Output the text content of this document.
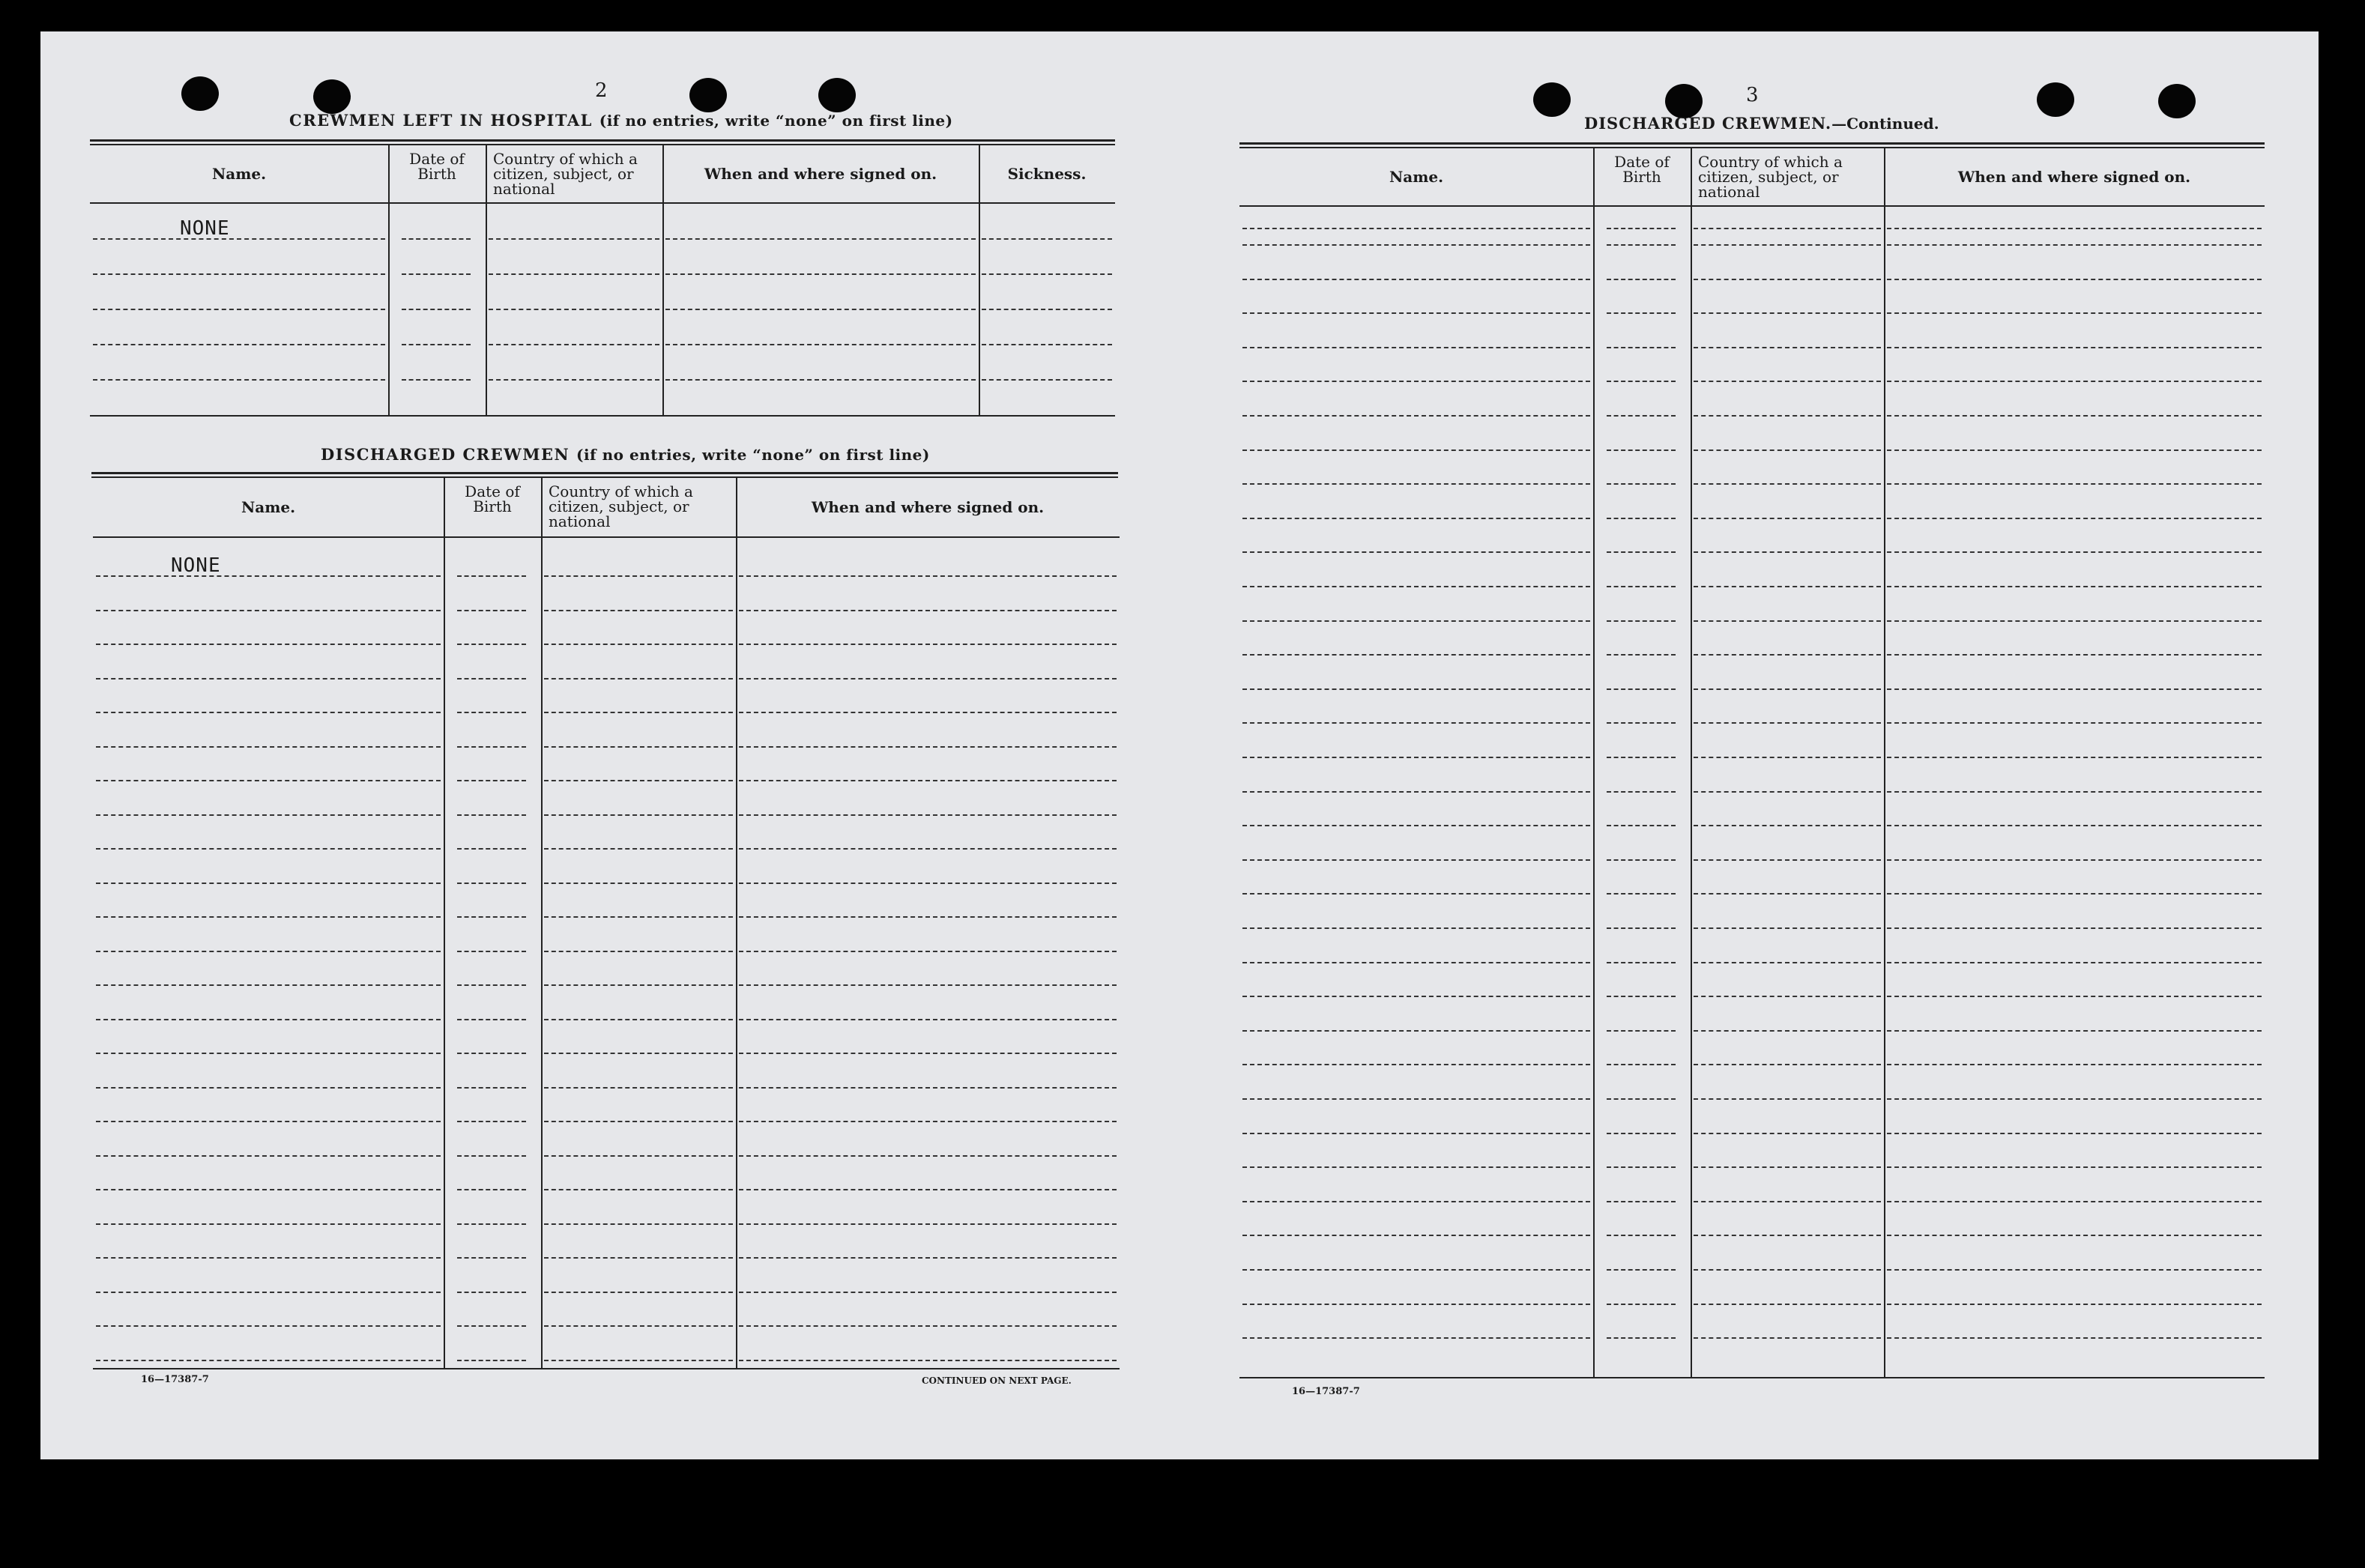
2
CREWMEN LEFT IN HOSPITAL (if no entries, write “none” on first line)
Name.
Date of Birth
Country of which a citizen, subject, or national
When and where signed on.	Sickness.
NONE
DISCHARGED CREWMEN (if no entries, write “none” on first line)
Name.
Date of Birth
Country of which a citizen, subject, or national
When and where signed on.
NONE
16—17387-7	CONTINUED ON NEXT PAGE.
3
DISCHARGED CREWMEN.—Continued.
Name.
Date of Birth
Country of which a citizen, subject, or national
When and where signed on.
16—17387-7
